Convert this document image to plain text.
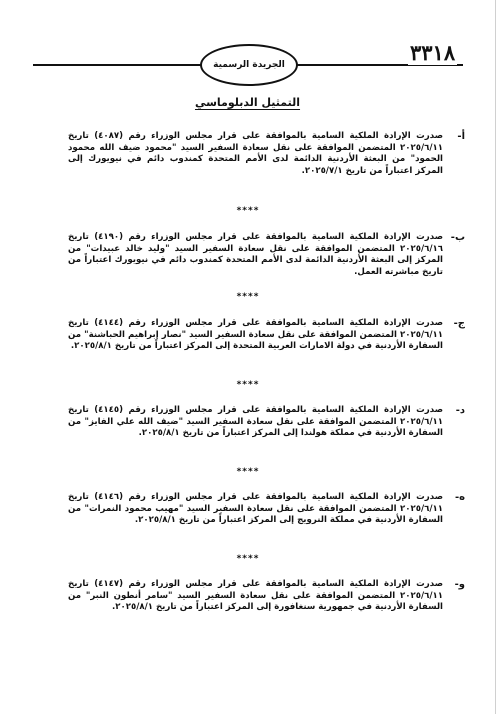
٣٣١٨
الجريدة الرسمية
التمثيل الدبلوماسي
أ-
صدرت الإرادة الملكية السامية بالموافقة على قرار مجلس الوزراء رقم (٤٠٨٧) تاريخ ٢٠٢٥/٦/١١ المتضمن الموافقة على نقل سعادة السفير السيد "محمود ضيف الله محمود الحمود" من البعثة الأردنية الدائمة لدى الأمم المتحدة كمندوب دائم في نيويورك إلى المركز اعتباراً من تاريخ ٢٠٢٥/٧/١.
****
ب-
صدرت الإرادة الملكية السامية بالموافقة على قرار مجلس الوزراء رقم (٤١٩٠) تاريخ ٢٠٢٥/٦/١٦ المتضمن الموافقة على نقل سعادة السفير السيد "وليد خالد عبيدات" من المركز إلى البعثة الأردنية الدائمة لدى الأمم المتحدة كمندوب دائم في نيويورك اعتباراً من تاريخ مباشرته العمل.
****
ج-
صدرت الإرادة الملكية السامية بالموافقة على قرار مجلس الوزراء رقم (٤١٤٤) تاريخ ٢٠٢٥/٦/١١ المتضمن الموافقة على نقل سعادة السفير السيد "نصار إبراهيم الحباشنة" من السفارة الأردنية في دولة الامارات العربية المتحدة إلى المركز اعتباراً من تاريخ ٢٠٢٥/٨/١.
****
د-
صدرت الإرادة الملكية السامية بالموافقة على قرار مجلس الوزراء رقم (٤١٤٥) تاريخ ٢٠٢٥/٦/١١ المتضمن الموافقة على نقل سعادة السفير السيد "ضيف الله علي الفايز" من السفارة الأردنية في مملكة هولندا إلى المركز اعتباراً من تاريخ ٢٠٢٥/٨/١.
****
ه-
صدرت الإرادة الملكية السامية بالموافقة على قرار مجلس الوزراء رقم (٤١٤٦) تاريخ ٢٠٢٥/٦/١١ المتضمن الموافقة على نقل سعادة السفير السيد "مهيب محمود النمرات" من السفارة الأردنية في مملكة النرويج إلى المركز اعتباراً من تاريخ ٢٠٢٥/٨/١.
****
و-
صدرت الإرادة الملكية السامية بالموافقة على قرار مجلس الوزراء رقم (٤١٤٧) تاريخ ٢٠٢٥/٦/١١ المتضمن الموافقة على نقل سعادة السفير السيد "سامر أنطون النبر" من السفارة الأردنية في جمهورية سنغافورة إلى المركز اعتباراً من تاريخ ٢٠٢٥/٨/١.
